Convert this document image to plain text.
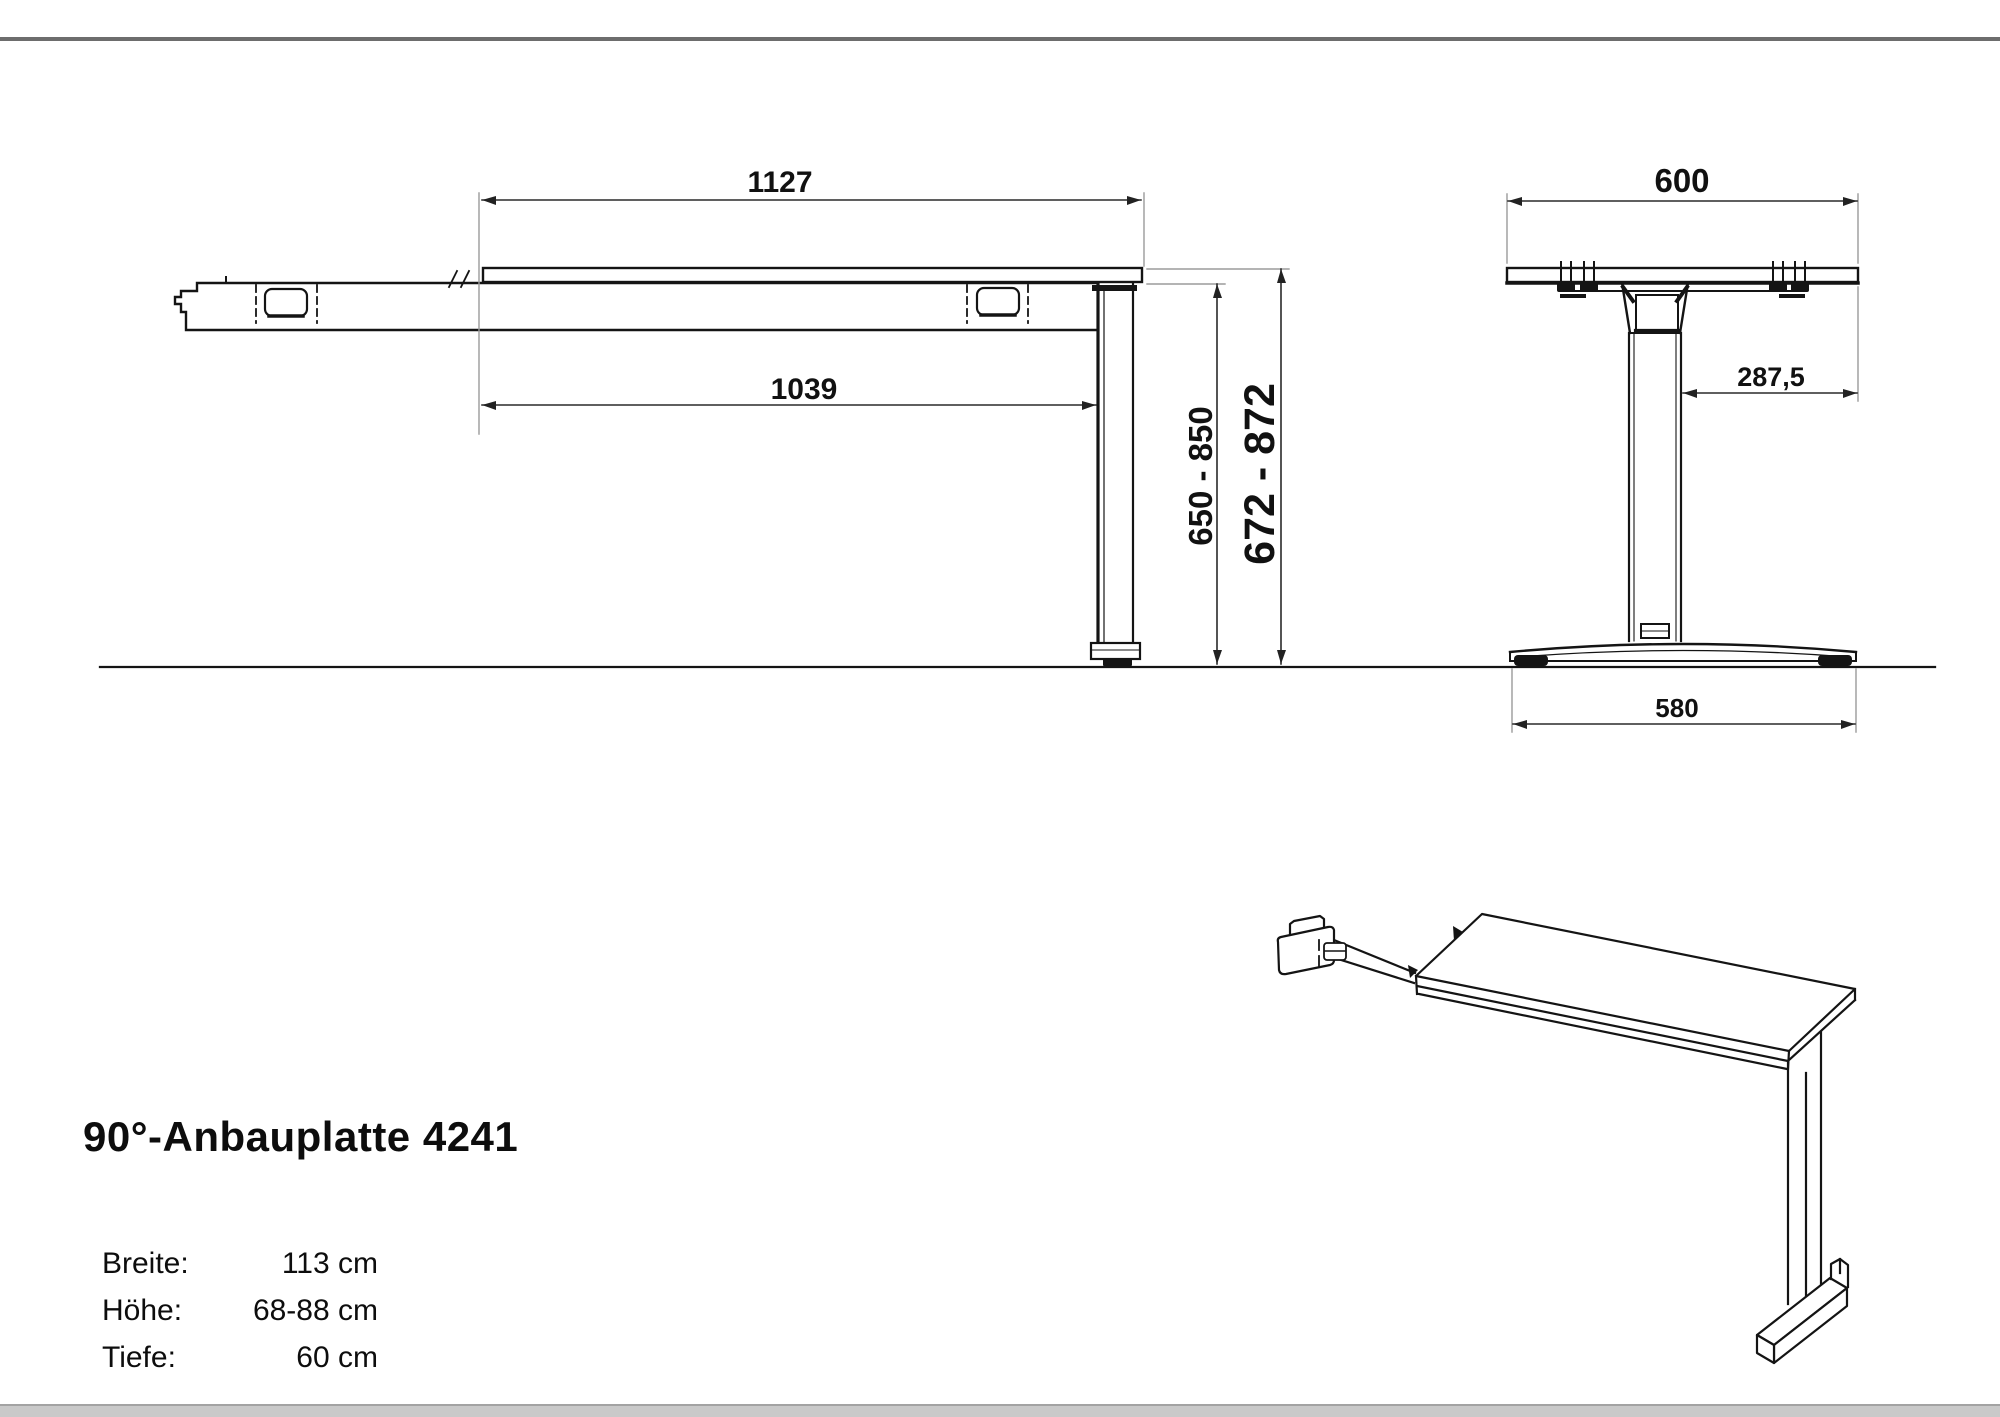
1127
1039
650 - 850 672 - 872
600
287,5
580
90°-Anbauplatte 4241
Breite:	113 cm
Höhe: 68-88 cm
Tiefe:	60 cm
